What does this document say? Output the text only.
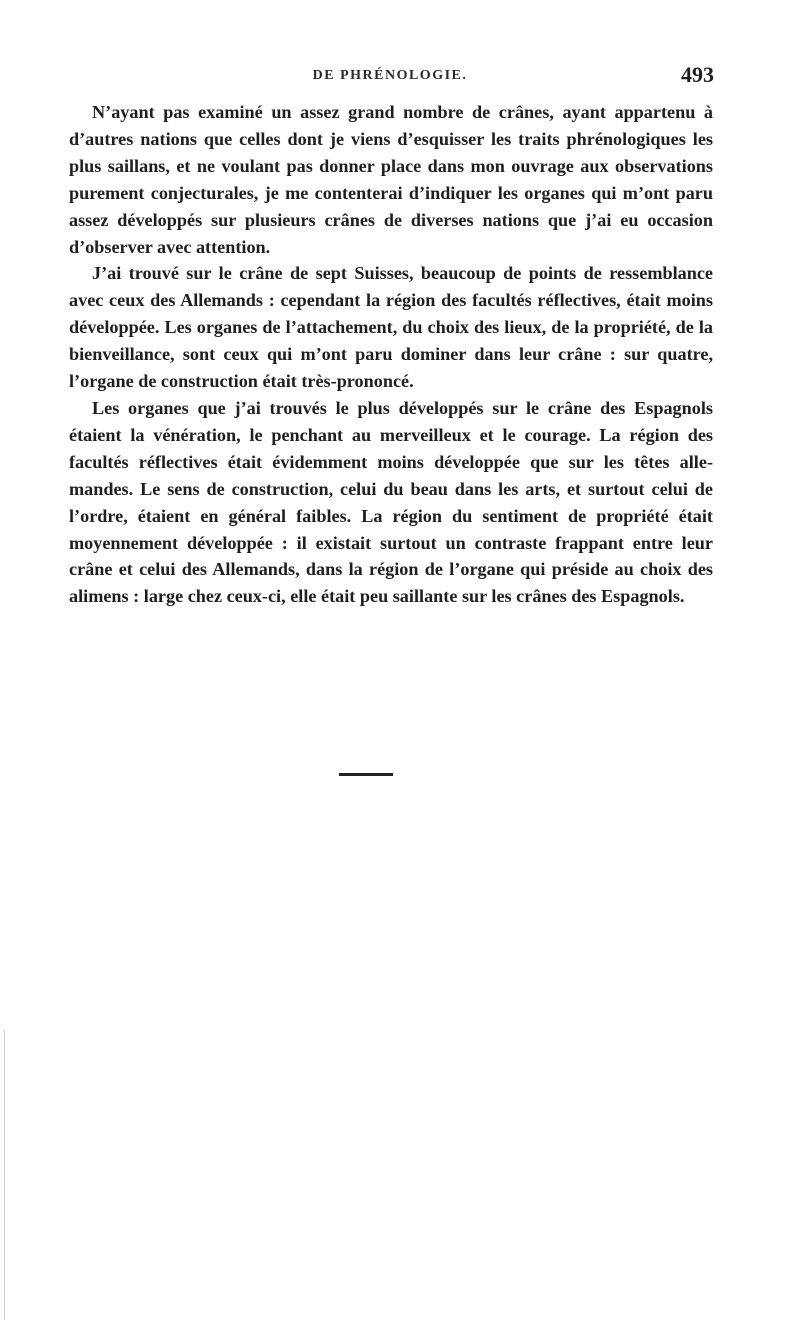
DE PHRÉNOLOGIE.	493

N’ayant pas examiné un assez grand nombre de crânes, ayant appartenu à d’autres nations que celles dont je viens d’esquisser les traits phrénologiques les plus saillans, et ne voulant pas donner place dans mon ouvrage aux observations purement conjecturales, je me contenterai d’indiquer les organes qui m’ont paru assez développés sur plusieurs crânes de diverses nations que j’ai eu occasion d’observer avec attention.

J’ai trouvé sur le crâne de sept Suisses, beaucoup de points de ressemblance avec ceux des Allemands : cependant la région des facultés réflectives, était moins développée. Les organes de l’attachement, du choix des lieux, de la propriété, de la bienveillance, sont ceux qui m’ont paru dominer dans leur crâne : sur quatre, l’organe de construction était très-prononcé.

Les organes que j’ai trouvés le plus développés sur le crâne des Espagnols étaient la vénération, le penchant au merveilleux et le courage. La région des facultés réflectives était évidemment moins développée que sur les têtes allemandes. Le sens de construction, celui du beau dans les arts, et surtout celui de l’ordre, étaient en général faibles. La région du sentiment de propriété était moyennement développée : il existait surtout un contraste frappant entre leur crâne et celui des Allemands, dans la région de l’organe qui préside au choix des alimens : large chez ceux-ci, elle était peu saillante sur les crânes des Espagnols.
